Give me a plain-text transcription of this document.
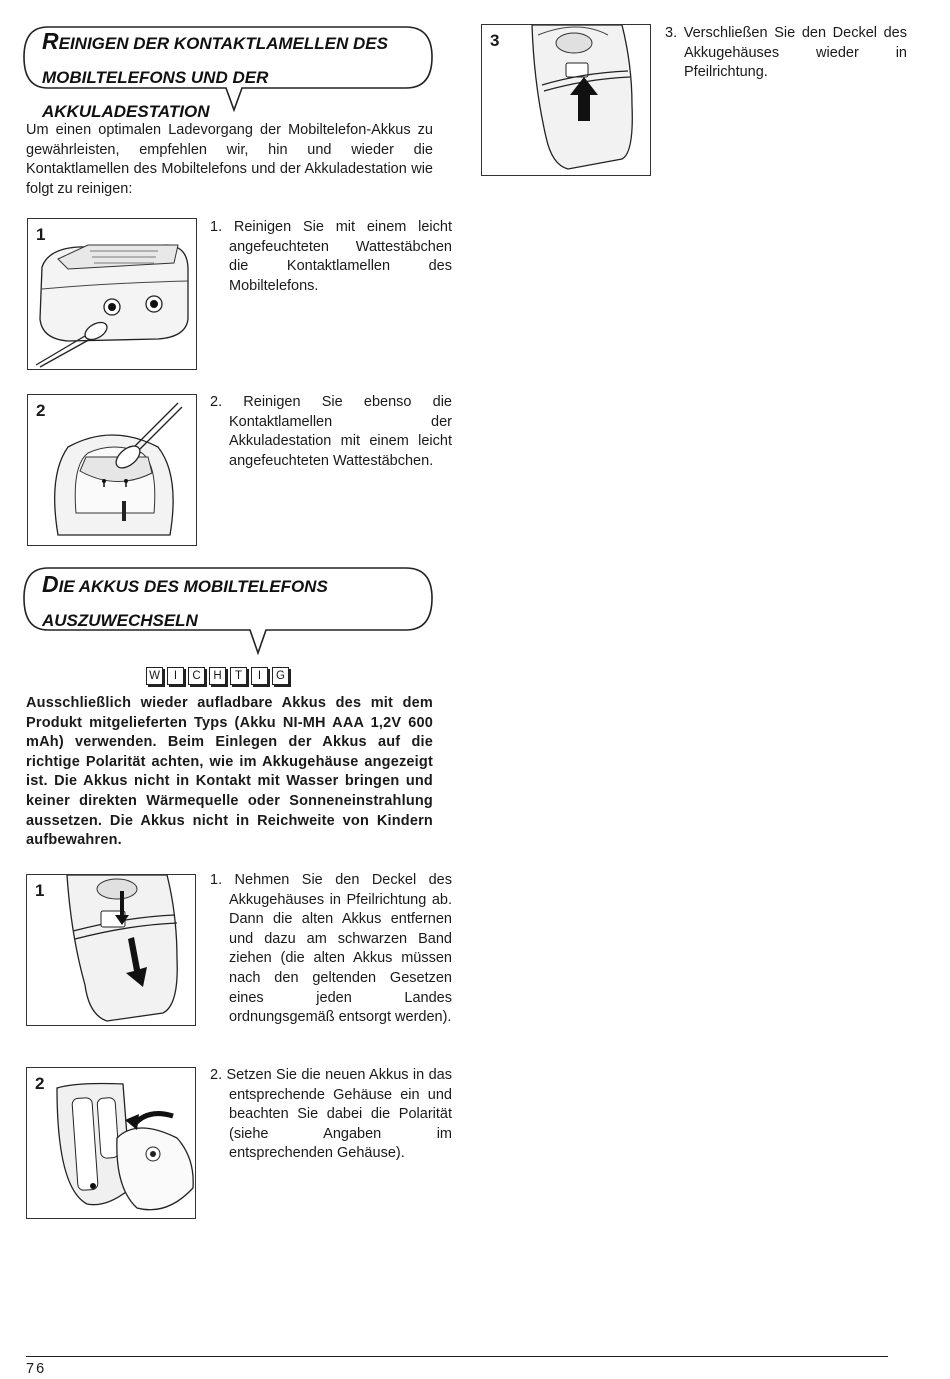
REINIGEN DER KONTAKTLAMELLEN DES
MOBILTELEFONS UND DER AKKULADESTATION
Um einen optimalen Ladevorgang der Mobiltelefon-Akkus zu gewährleisten, empfehlen wir, hin und wieder die Kontaktlamellen des Mobiltelefons und der Akkuladestation wie folgt zu reinigen:
1	1. Reinigen Sie mit einem leicht angefeuchteten Wattestäbchen die Kontaktlamellen des Mobiltelefons.
2	2. Reinigen Sie ebenso die Kontaktlamellen der Akkuladestation mit einem leicht angefeuchteten Wattestäbchen.
3	3. Verschließen Sie den Deckel des Akkugehäuses wieder in Pfeilrichtung.
DIE AKKUS DES MOBILTELEFONS
AUSZUWECHSELN
W	I	C	H	T	I	G
Ausschließlich wieder aufladbare Akkus des mit dem Produkt mitgelieferten Typs (Akku NI-MH AAA 1,2V 600 mAh) verwenden. Beim Einlegen der Akkus auf die richtige Polarität achten, wie im Akkugehäuse angezeigt ist. Die Akkus nicht in Kontakt mit Wasser bringen und keiner direkten Wärmequelle oder Sonneneinstrahlung aussetzen. Die Akkus nicht in Reichweite von Kindern aufbewahren.
1
1. Nehmen Sie den Deckel des Akkugehäuses in Pfeilrichtung ab. Dann die alten Akkus entfernen und dazu am schwarzen Band ziehen (die alten Akkus müssen nach den geltenden Gesetzen eines jeden Landes ordnungsgemäß entsorgt werden).
2	2. Setzen Sie die neuen Akkus in das entsprechende Gehäuse ein und beachten Sie dabei die Polarität (siehe Angaben im entsprechenden Gehäuse).
76
